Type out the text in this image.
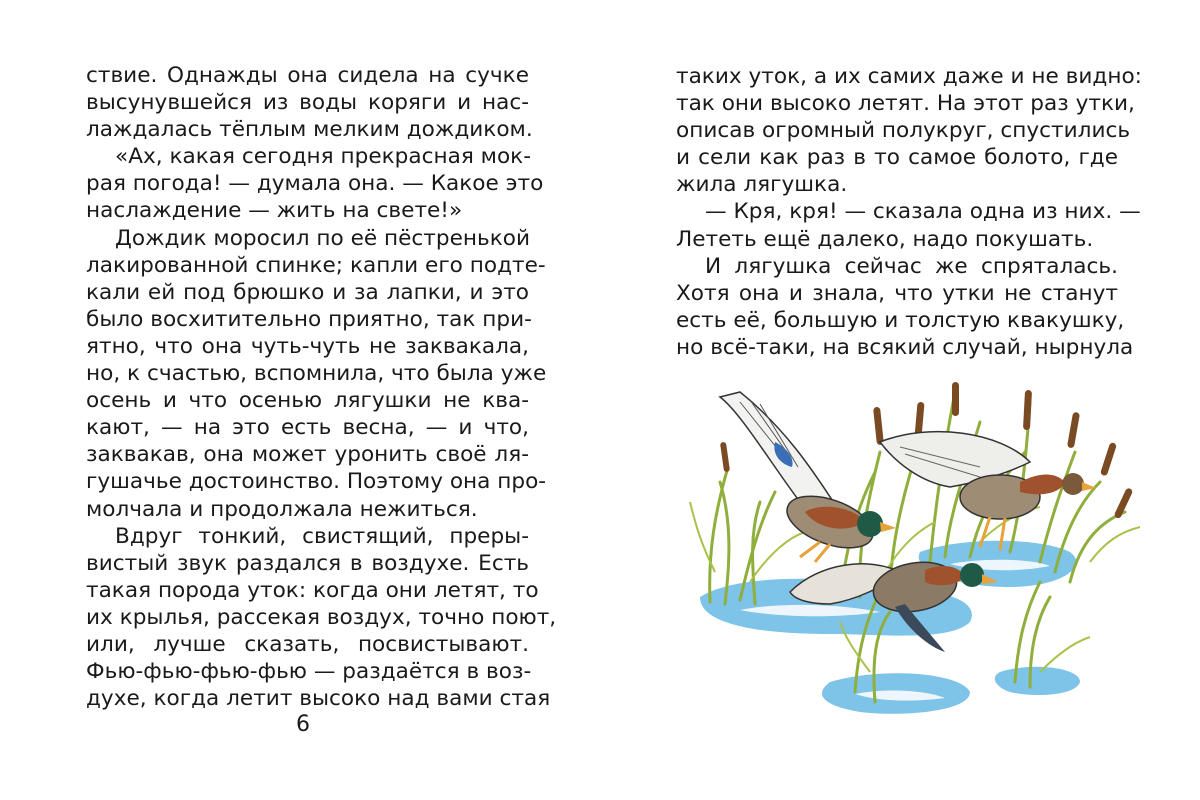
ствие. Однажды она сидела на сучке
высунувшейся из воды коряги и нас-
лаждалась тёплым мелким дождиком.
«Ах, какая сегодня прекрасная мок-
рая погода! — думала она. — Какое это
наслаждение — жить на свете!»
Дождик моросил по её пёстренькой
лакированной спинке; капли его подте-
кали ей под брюшко и за лапки, и это
было восхитительно приятно, так при-
ятно, что она чуть-чуть не заквакала,
но, к счастью, вспомнила, что была уже
осень и что осенью лягушки не ква-
кают, — на это есть весна, — и что,
заквакав, она может уронить своё ля-
гушачье достоинство. Поэтому она про-
молчала и продолжала нежиться.
Вдруг тонкий, свистящий, преры-
вистый звук раздался в воздухе. Есть
такая порода уток: когда они летят, то
их крылья, рассекая воздух, точно поют,
или, лучше сказать, посвистывают.
Фью-фью-фью-фью — раздаётся в воз-
духе, когда летит высоко над вами стая
6
таких уток, а их самих даже и не видно:
так они высоко летят. На этот раз утки,
описав огромный полукруг, спустились
и сели как раз в то самое болото, где
жила лягушка.
— Кря, кря! — сказала одна из них. —
Лететь ещё далеко, надо покушать.
И лягушка сейчас же спряталась.
Хотя она и знала, что утки не станут
есть её, большую и толстую квакушку,
но всё-таки, на всякий случай, нырнула
